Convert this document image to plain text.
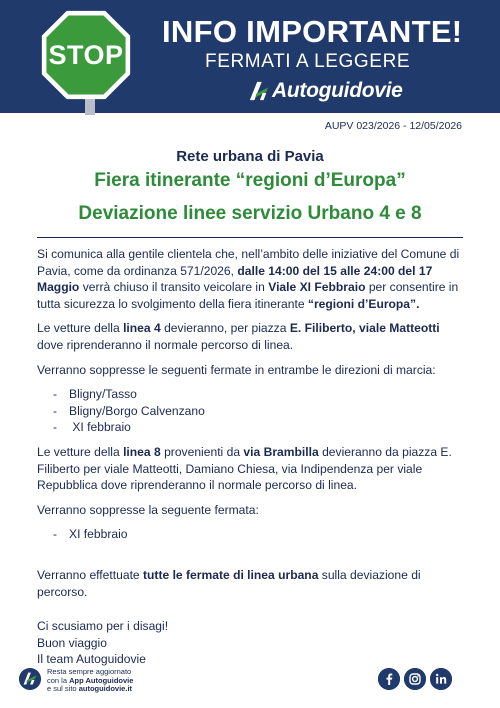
STOP
INFO IMPORTANTE!
FERMATI A LEGGERE
Autoguidovie
AUPV 023/2026 - 12/05/2026
Rete urbana di Pavia
Fiera itinerante “regioni d’Europa”
Deviazione linee servizio Urbano 4 e 8

Si comunica alla gentile clientela che, nell’ambito delle iniziative del Comune di Pavia, come da ordinanza 571/2026, dalle 14:00 del 15 alle 24:00 del 17 Maggio verrà chiuso il transito veicolare in Viale XI Febbraio per consentire in tutta sicurezza lo svolgimento della fiera itinerante “regioni d’Europa”.

Le vetture della linea 4 devieranno, per piazza E. Filiberto, viale Matteotti dove riprenderanno il normale percorso di linea.

Verranno soppresse le seguenti fermate in entrambe le direzioni di marcia:

- Bligny/Tasso
- Bligny/Borgo Calvenzano
-  XI febbraio

Le vetture della linea 8 provenienti da via Brambilla devieranno da piazza E. Filiberto per viale Matteotti, Damiano Chiesa, via Indipendenza per viale Repubblica dove riprenderanno il normale percorso di linea.

Verranno soppresse la seguente fermata:

- XI febbraio

Verranno effettuate tutte le fermate di linea urbana sulla deviazione di percorso.

Ci scusiamo per i disagi!

Buon viaggio

Il team Autoguidovie

Resta sempre aggiornato
con la App Autoguidovie
e sul sito autoguidovie.it
